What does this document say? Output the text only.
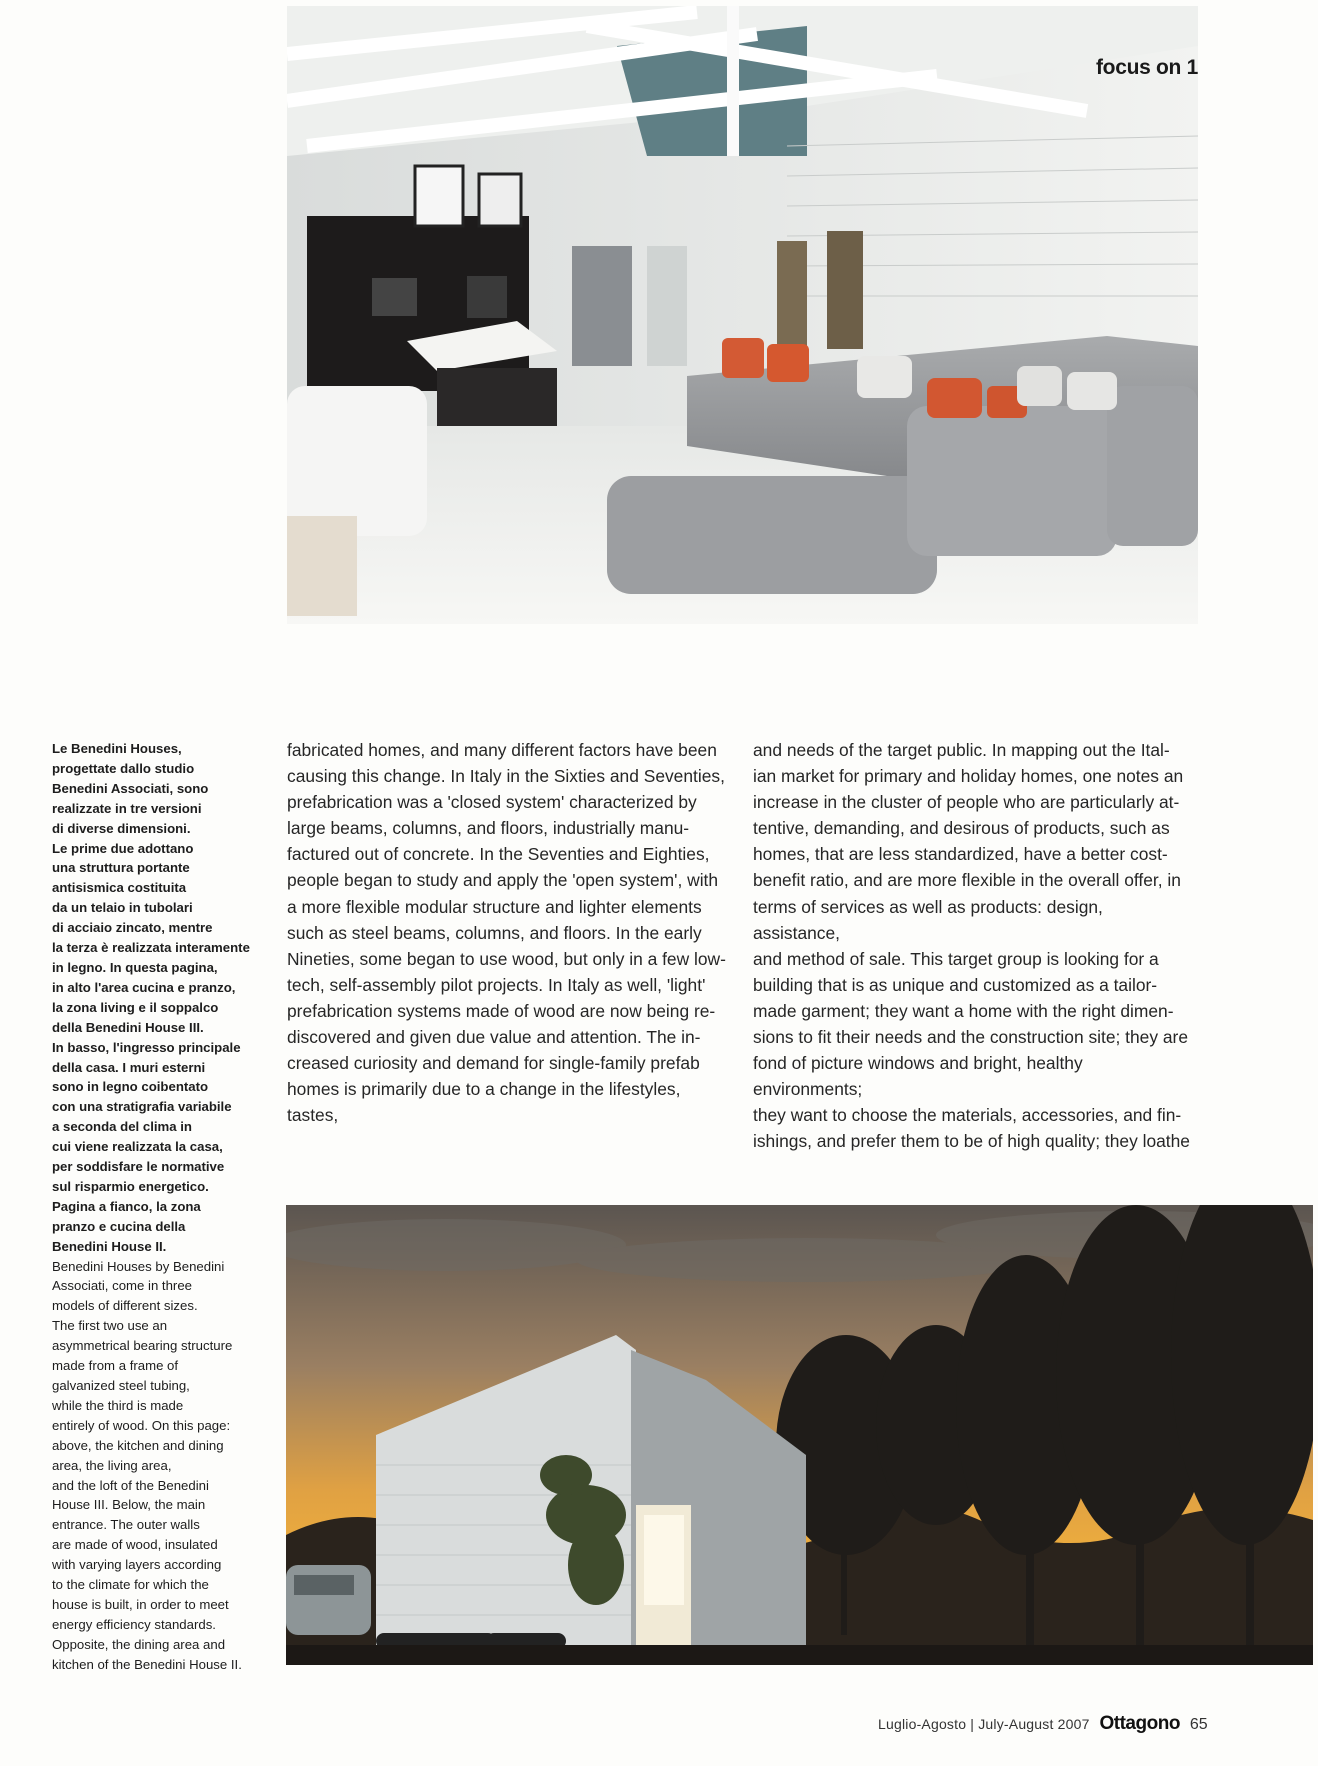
focus on 1

Le Benedini Houses,
progettate dallo studio
Benedini Associati, sono
realizzate in tre versioni
di diverse dimensioni.
Le prime due adottano
una struttura portante
antisismica costituita
da un telaio in tubolari
di acciaio zincato, mentre
la terza è realizzata interamente
in legno. In questa pagina,
in alto l'area cucina e pranzo,
la zona living e il soppalco
della Benedini House III.
In basso, l'ingresso principale
della casa. I muri esterni
sono in legno coibentato
con una stratigrafia variabile
a seconda del clima in
cui viene realizzata la casa,
per soddisfare le normative
sul risparmio energetico.
Pagina a fianco, la zona
pranzo e cucina della
Benedini House II.

Benedini Houses by Benedini
Associati, come in three
models of different sizes.
The first two use an
asymmetrical bearing structure
made from a frame of
galvanized steel tubing,
while the third is made
entirely of wood. On this page:
above, the kitchen and dining
area, the living area,
and the loft of the Benedini
House III. Below, the main
entrance. The outer walls
are made of wood, insulated
with varying layers according
to the climate for which the
house is built, in order to meet
energy efficiency standards.
Opposite, the dining area and
kitchen of the Benedini House II.

fabricated homes, and many different factors have been
causing this change. In Italy in the Sixties and Seventies,
prefabrication was a 'closed system' characterized by
large beams, columns, and floors, industrially manu-
factured out of concrete. In the Seventies and Eighties,
people began to study and apply the 'open system', with
a more flexible modular structure and lighter elements
such as steel beams, columns, and floors. In the early
Nineties, some began to use wood, but only in a few low-
tech, self-assembly pilot projects. In Italy as well, 'light'
prefabrication systems made of wood are now being re-
discovered and given due value and attention. The in-
creased curiosity and demand for single-family prefab
homes is primarily due to a change in the lifestyles, tastes,

and needs of the target public. In mapping out the Ital-
ian market for primary and holiday homes, one notes an
increase in the cluster of people who are particularly at-
tentive, demanding, and desirous of products, such as
homes, that are less standardized, have a better cost-
benefit ratio, and are more flexible in the overall offer, in
terms of services as well as products: design, assistance,
and method of sale. This target group is looking for a
building that is as unique and customized as a tailor-
made garment; they want a home with the right dimen-
sions to fit their needs and the construction site; they are
fond of picture windows and bright, healthy environments;
they want to choose the materials, accessories, and fin-
ishings, and prefer them to be of high quality; they loathe

Luglio-Agosto | July-August 2007 Ottagono 65
